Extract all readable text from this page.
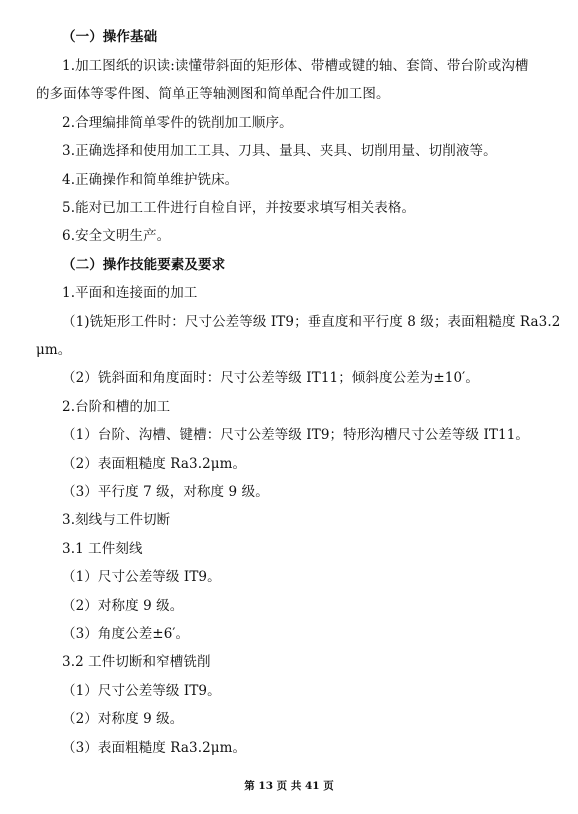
（一）操作基础
1.加工图纸的识读:读懂带斜面的矩形体、带槽或键的轴、套筒、带台阶或沟槽
的多面体等零件图、简单正等轴测图和简单配合件加工图。
2.合理编排简单零件的铣削加工顺序。
3.正确选择和使用加工工具、刀具、量具、夹具、切削用量、切削液等。
4.正确操作和简单维护铣床。
5.能对已加工工件进行自检自评，并按要求填写相关表格。
6.安全文明生产。
（二）操作技能要素及要求
1.平面和连接面的加工
（1)铣矩形工件时：尺寸公差等级 IT9；垂直度和平行度 8 级；表面粗糙度 Ra3.2
μm。
（2）铣斜面和角度面时：尺寸公差等级 IT11；倾斜度公差为±10′。
2.台阶和槽的加工
（1）台阶、沟槽、键槽：尺寸公差等级 IT9；特形沟槽尺寸公差等级 IT11。
（2）表面粗糙度 Ra3.2μm。
（3）平行度 7 级，对称度 9 级。
3.刻线与工件切断
3.1 工件刻线
（1）尺寸公差等级 IT9。
（2）对称度 9 级。
（3）角度公差±6′。
3.2 工件切断和窄槽铣削
（1）尺寸公差等级 IT9。
（2）对称度 9 级。
（3）表面粗糙度 Ra3.2μm。
第 13 页 共 41 页
